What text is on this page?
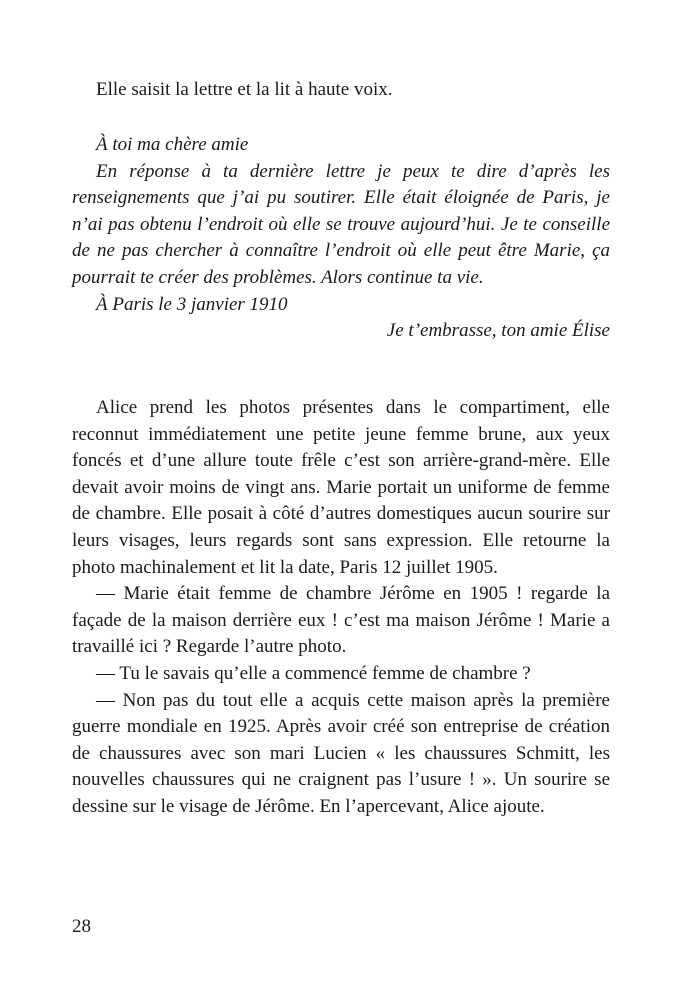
Elle saisit la lettre et la lit à haute voix.

À toi ma chère amie

En réponse à ta dernière lettre je peux te dire d’après les renseignements que j’ai pu soutirer. Elle était éloignée de Paris, je n’ai pas obtenu l’endroit où elle se trouve aujourd’hui. Je te conseille de ne pas chercher à connaître l’endroit où elle peut être Marie, ça pourrait te créer des problèmes. Alors continue ta vie.

À Paris le 3 janvier 1910

Je t’embrasse, ton amie Élise

Alice prend les photos présentes dans le compartiment, elle reconnut immédiatement une petite jeune femme brune, aux yeux foncés et d’une allure toute frêle c’est son arrière-grand-mère. Elle devait avoir moins de vingt ans. Marie portait un uniforme de femme de chambre. Elle posait à côté d’autres domestiques aucun sourire sur leurs visages, leurs regards sont sans expression. Elle retourne la photo machinalement et lit la date, Paris 12 juillet 1905.

— Marie était femme de chambre Jérôme en 1905 ! regarde la façade de la maison derrière eux ! c’est ma maison Jérôme ! Marie a travaillé ici ? Regarde l’autre photo.

— Tu le savais qu’elle a commencé femme de chambre ?

— Non pas du tout elle a acquis cette maison après la première guerre mondiale en 1925. Après avoir créé son entreprise de création de chaussures avec son mari Lucien « les chaussures Schmitt, les nouvelles chaussures qui ne craignent pas l’usure ! ». Un sourire se dessine sur le visage de Jérôme. En l’apercevant, Alice ajoute.

28
